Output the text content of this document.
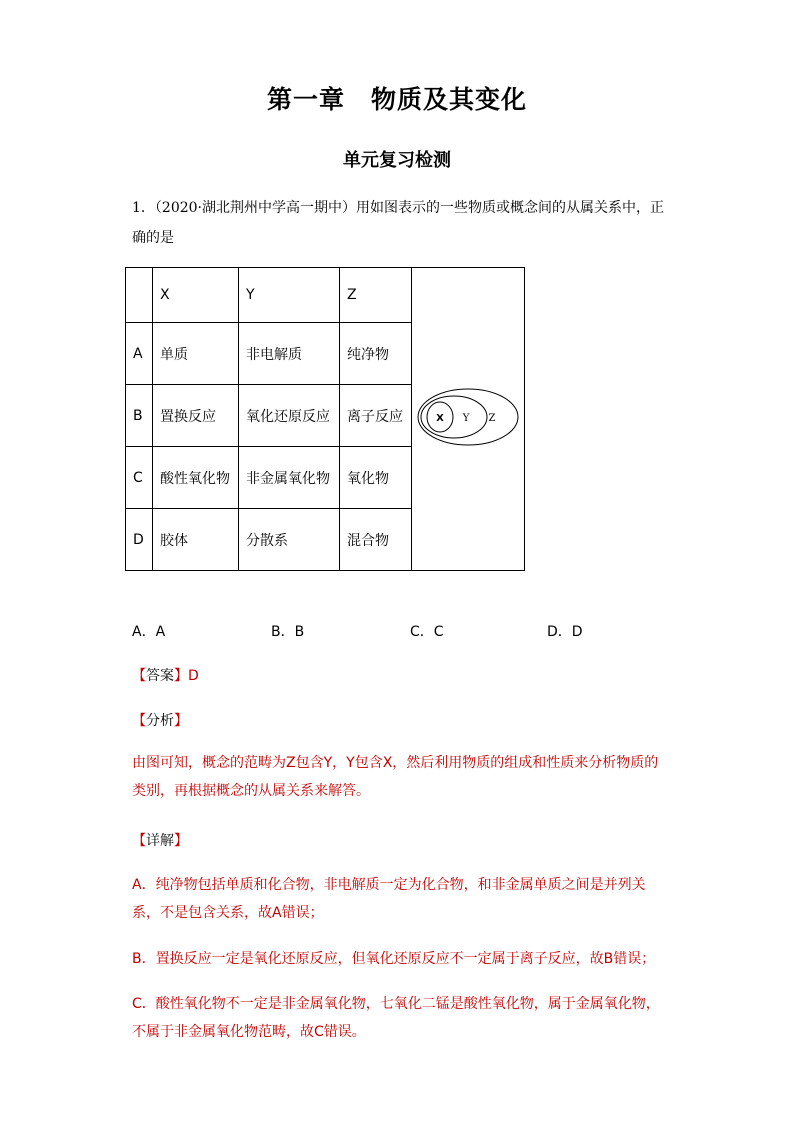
第一章　物质及其变化
单元复习检测
1．（2020·湖北荆州中学高一期中）用如图表示的一些物质或概念间的从属关系中，正
确的是
	X	Y	Z	X Y Z

A	单质	非电解质	纯净物	
B	置换反应	氧化还原反应	离子反应	
C	酸性氧化物	非金属氧化物	氧化物	
D	胶体	分散系	混合物	
A．A	B．B	C．C	D．D
【答案】D
【分析】
由图可知，概念的范畴为Z包含Y，Y包含X，然后利用物质的组成和性质来分析物质的类别，再根据概念的从属关系来解答。
【详解】
A．纯净物包括单质和化合物，非电解质一定为化合物，和非金属单质之间是并列关系，不是包含关系，故A错误；
B．置换反应一定是氧化还原反应，但氧化还原反应不一定属于离子反应，故B错误；
C．酸性氧化物不一定是非金属氧化物，七氧化二锰是酸性氧化物，属于金属氧化物，不属于非金属氧化物范畴，故C错误。
